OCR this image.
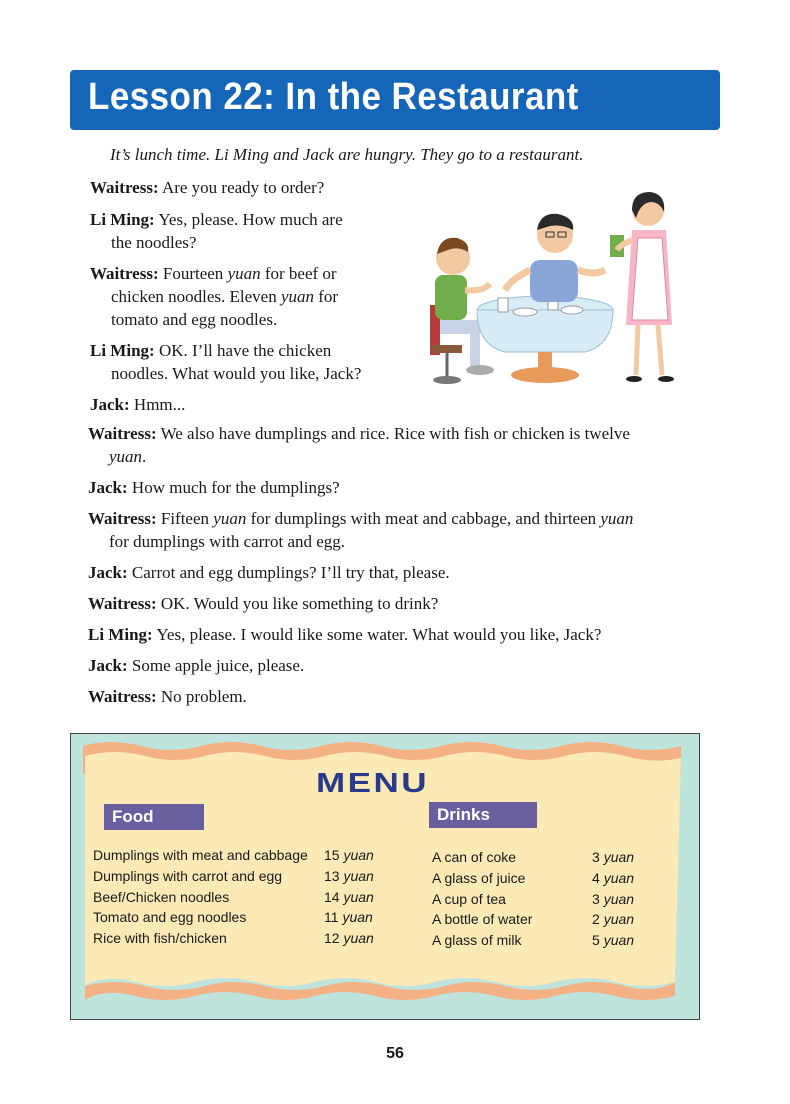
Lesson 22: In the Restaurant
It’s lunch time. Li Ming and Jack are hungry. They go to a restaurant.
Waitress: Are you ready to order?
Li Ming: Yes, please. How much are
the noodles?
Waitress: Fourteen yuan for beef or
chicken noodles. Eleven yuan for
tomato and egg noodles.
Li Ming: OK. I’ll have the chicken
noodles. What would you like, Jack?
Jack: Hmm...
Waitress: We also have dumplings and rice. Rice with fish or chicken is twelve
yuan.
Jack: How much for the dumplings?
Waitress: Fifteen yuan for dumplings with meat and cabbage, and thirteen yuan
for dumplings with carrot and egg.
Jack: Carrot and egg dumplings? I’ll try that, please.
Waitress: OK. Would you like something to drink?
Li Ming: Yes, please. I would like some water. What would you like, Jack?
Jack: Some apple juice, please.
Waitress: No problem.
MENU
Food	Drinks
Dumplings with meat and cabbage 15 yuan
Dumplings with carrot and egg	13 yuan
Beef/Chicken noodles	14 yuan
Tomato and egg noodles	11 yuan
Rice with fish/chicken	12 yuan
A can of coke	3 yuan
A glass of juice	4 yuan
A cup of tea	3 yuan
A bottle of water	2 yuan
A glass of milk	5 yuan
56
